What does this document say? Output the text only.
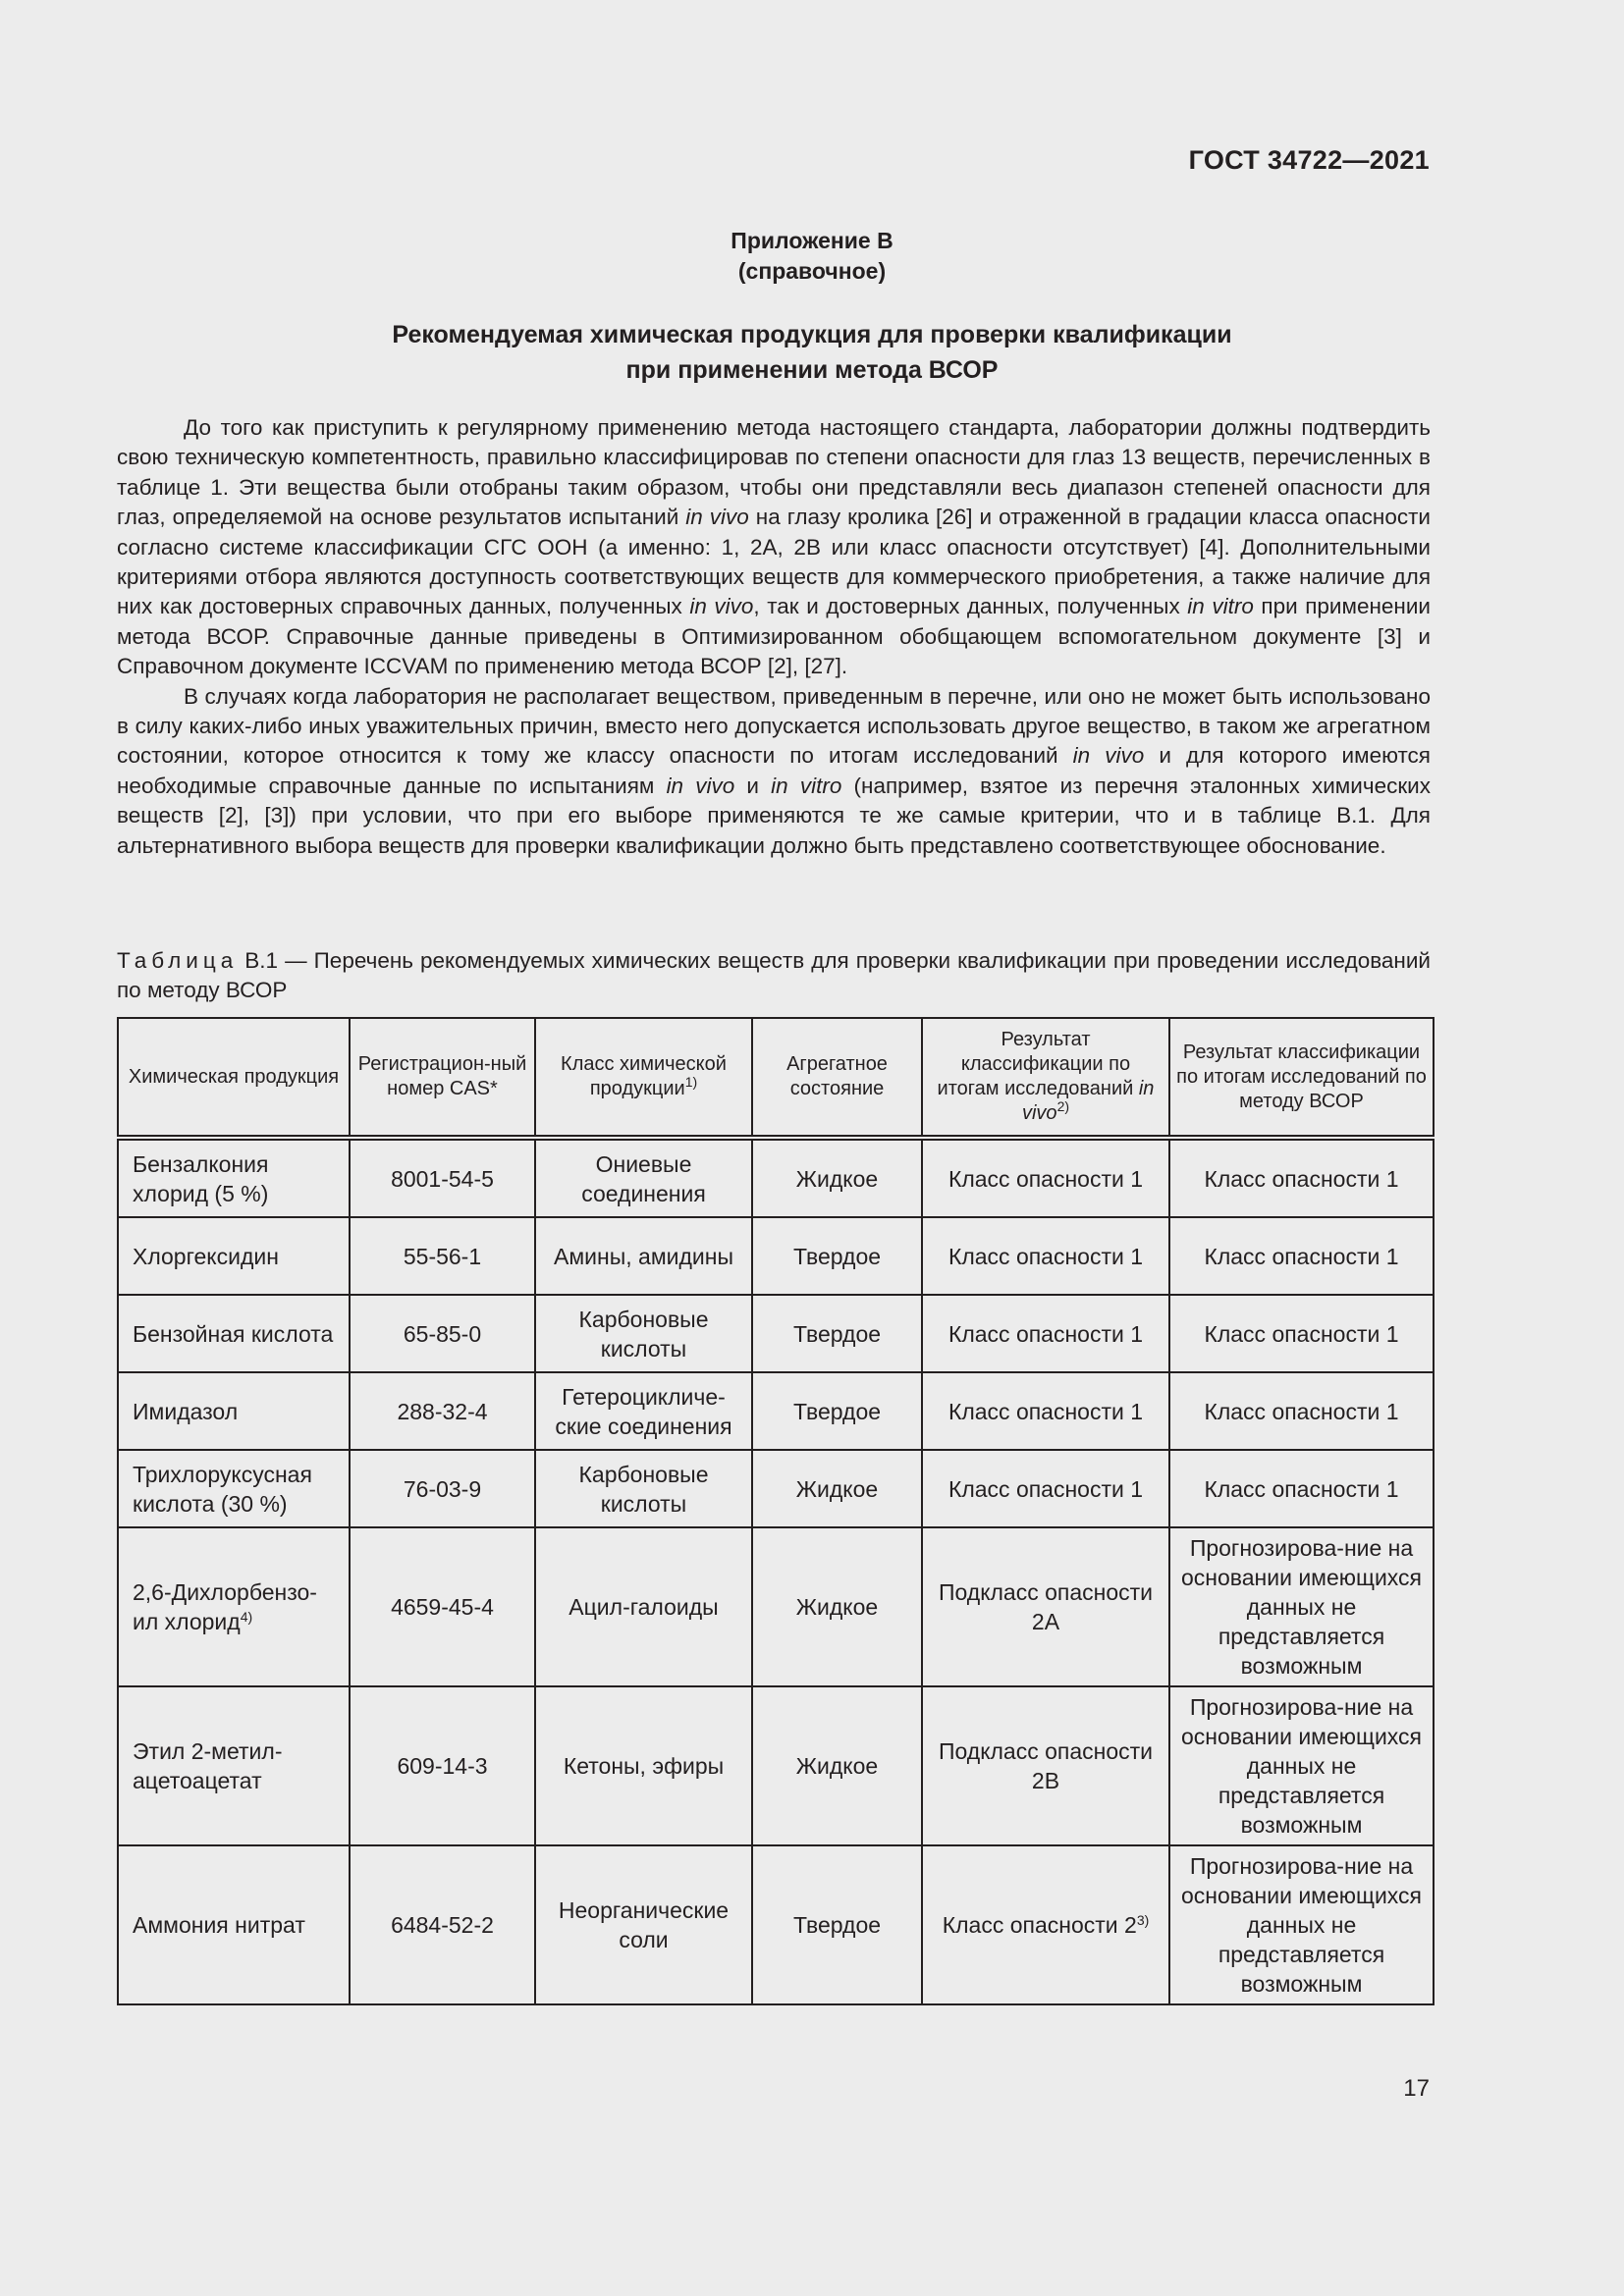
ГОСТ 34722—2021
Приложение В
(справочное)
Рекомендуемая химическая продукция для проверки квалификации
при применении метода ВСОР

До того как приступить к регулярному применению метода настоящего стандарта, лаборатории должны подтвердить свою техническую компетентность, правильно классифицировав по степени опасности для глаз 13 веществ, перечисленных в таблице 1. Эти вещества были отобраны таким образом, чтобы они представляли весь диапазон степеней опасности для глаз, определяемой на основе результатов испытаний in vivo на глазу кролика [26] и отраженной в градации класса опасности согласно системе классификации СГС ООН (а именно: 1, 2А, 2В или класс опасности отсутствует) [4]. Дополнительными критериями отбора являются доступность соответствующих веществ для коммерческого приобретения, а также наличие для них как достоверных справочных данных, полученных in vivo, так и достоверных данных, полученных in vitro при применении метода ВСОР. Справочные данные приведены в Оптимизированном обобщающем вспомогательном документе [3] и Справочном документе ICCVAM по применению метода ВСОР [2], [27].

В случаях когда лаборатория не располагает веществом, приведенным в перечне, или оно не может быть использовано в силу каких-либо иных уважительных причин, вместо него допускается использовать другое вещество, в таком же агрегатном состоянии, которое относится к тому же классу опасности по итогам исследований in vivo и для которого имеются необходимые справочные данные по испытаниям in vivo и in vitro (например, взятое из перечня эталонных химических веществ [2], [3]) при условии, что при его выборе применяются те же самые критерии, что и в таблице В.1. Для альтернативного выбора веществ для проверки квалификации должно быть представлено соответствующее обоснование.

Таблица В.1 — Перечень рекомендуемых химических веществ для проверки квалификации при проведении исследований по методу ВСОР
Химическая продукция	Регистрацион-ный номер CAS*	Класс химической продукции$^{1)}$	Агрегатное состояние	Результат классификации по итогам исследований in vivo$^{2)}$	Результат классификации по итогам исследований по методу ВСОР
Бензалкония хлорид (5 %)	8001-54-5	Ониевые соединения	Жидкое	Класс опасности 1	Класс опасности 1
Хлоргексидин	55-56-1	Амины, амидины	Твердое	Класс опасности 1	Класс опасности 1
Бензойная кислота	65-85-0	Карбоновые кислоты	Твердое	Класс опасности 1	Класс опасности 1
Имидазол	288-32-4	Гетероцикличе-ские соединения	Твердое	Класс опасности 1	Класс опасности 1
Трихлоруксусная кислота (30 %)	76-03-9	Карбоновые кислоты	Жидкое	Класс опасности 1	Класс опасности 1
2,6-Дихлорбензо-ил хлорид$^{4)}$	4659-45-4	Ацил-галоиды	Жидкое	Подкласс опасности 2А	Прогнозирова-ние на основании имеющихся данных не представляется возможным
Этил 2-метил-ацетоацетат	609-14-3	Кетоны, эфиры	Жидкое	Подкласс опасности 2В	Прогнозирова-ние на основании имеющихся данных не представляется возможным
Аммония нитрат	6484-52-2	Неорганические соли	Твердое	Класс опасности 2$^{3)}$	Прогнозирова-ние на основании имеющихся данных не представляется возможным
17
